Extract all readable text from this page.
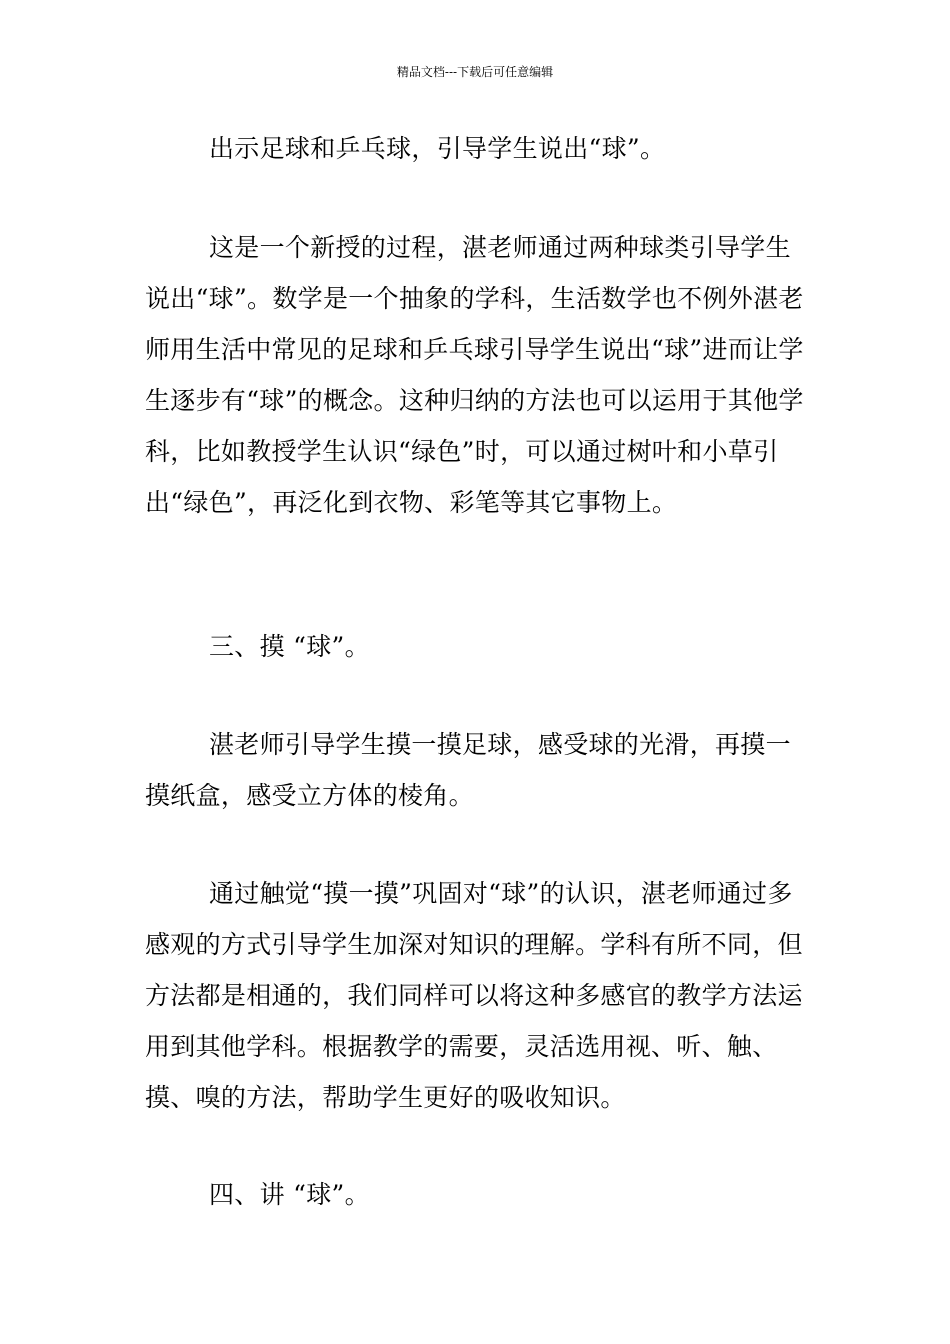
精品文档---下载后可任意编辑
出示足球和乒乓球，引导学生说出“球”。
这是一个新授的过程，湛老师通过两种球类引导学生说出“球”。数学是一个抽象的学科，生活数学也不例外湛老师用生活中常见的足球和乒乓球引导学生说出“球”进而让学生逐步有“球”的概念。这种归纳的方法也可以运用于其他学科，比如教授学生认识“绿色”时，可以通过树叶和小草引出“绿色”，再泛化到衣物、彩笔等其它事物上。
三、摸 “球”。
湛老师引导学生摸一摸足球，感受球的光滑，再摸一摸纸盒，感受立方体的棱角。
通过触觉“摸一摸”巩固对“球”的认识，湛老师通过多感观的方式引导学生加深对知识的理解。学科有所不同，但方法都是相通的，我们同样可以将这种多感官的教学方法运用到其他学科。根据教学的需要，灵活选用视、听、触、摸、嗅的方法，帮助学生更好的吸收知识。
四、讲 “球”。
